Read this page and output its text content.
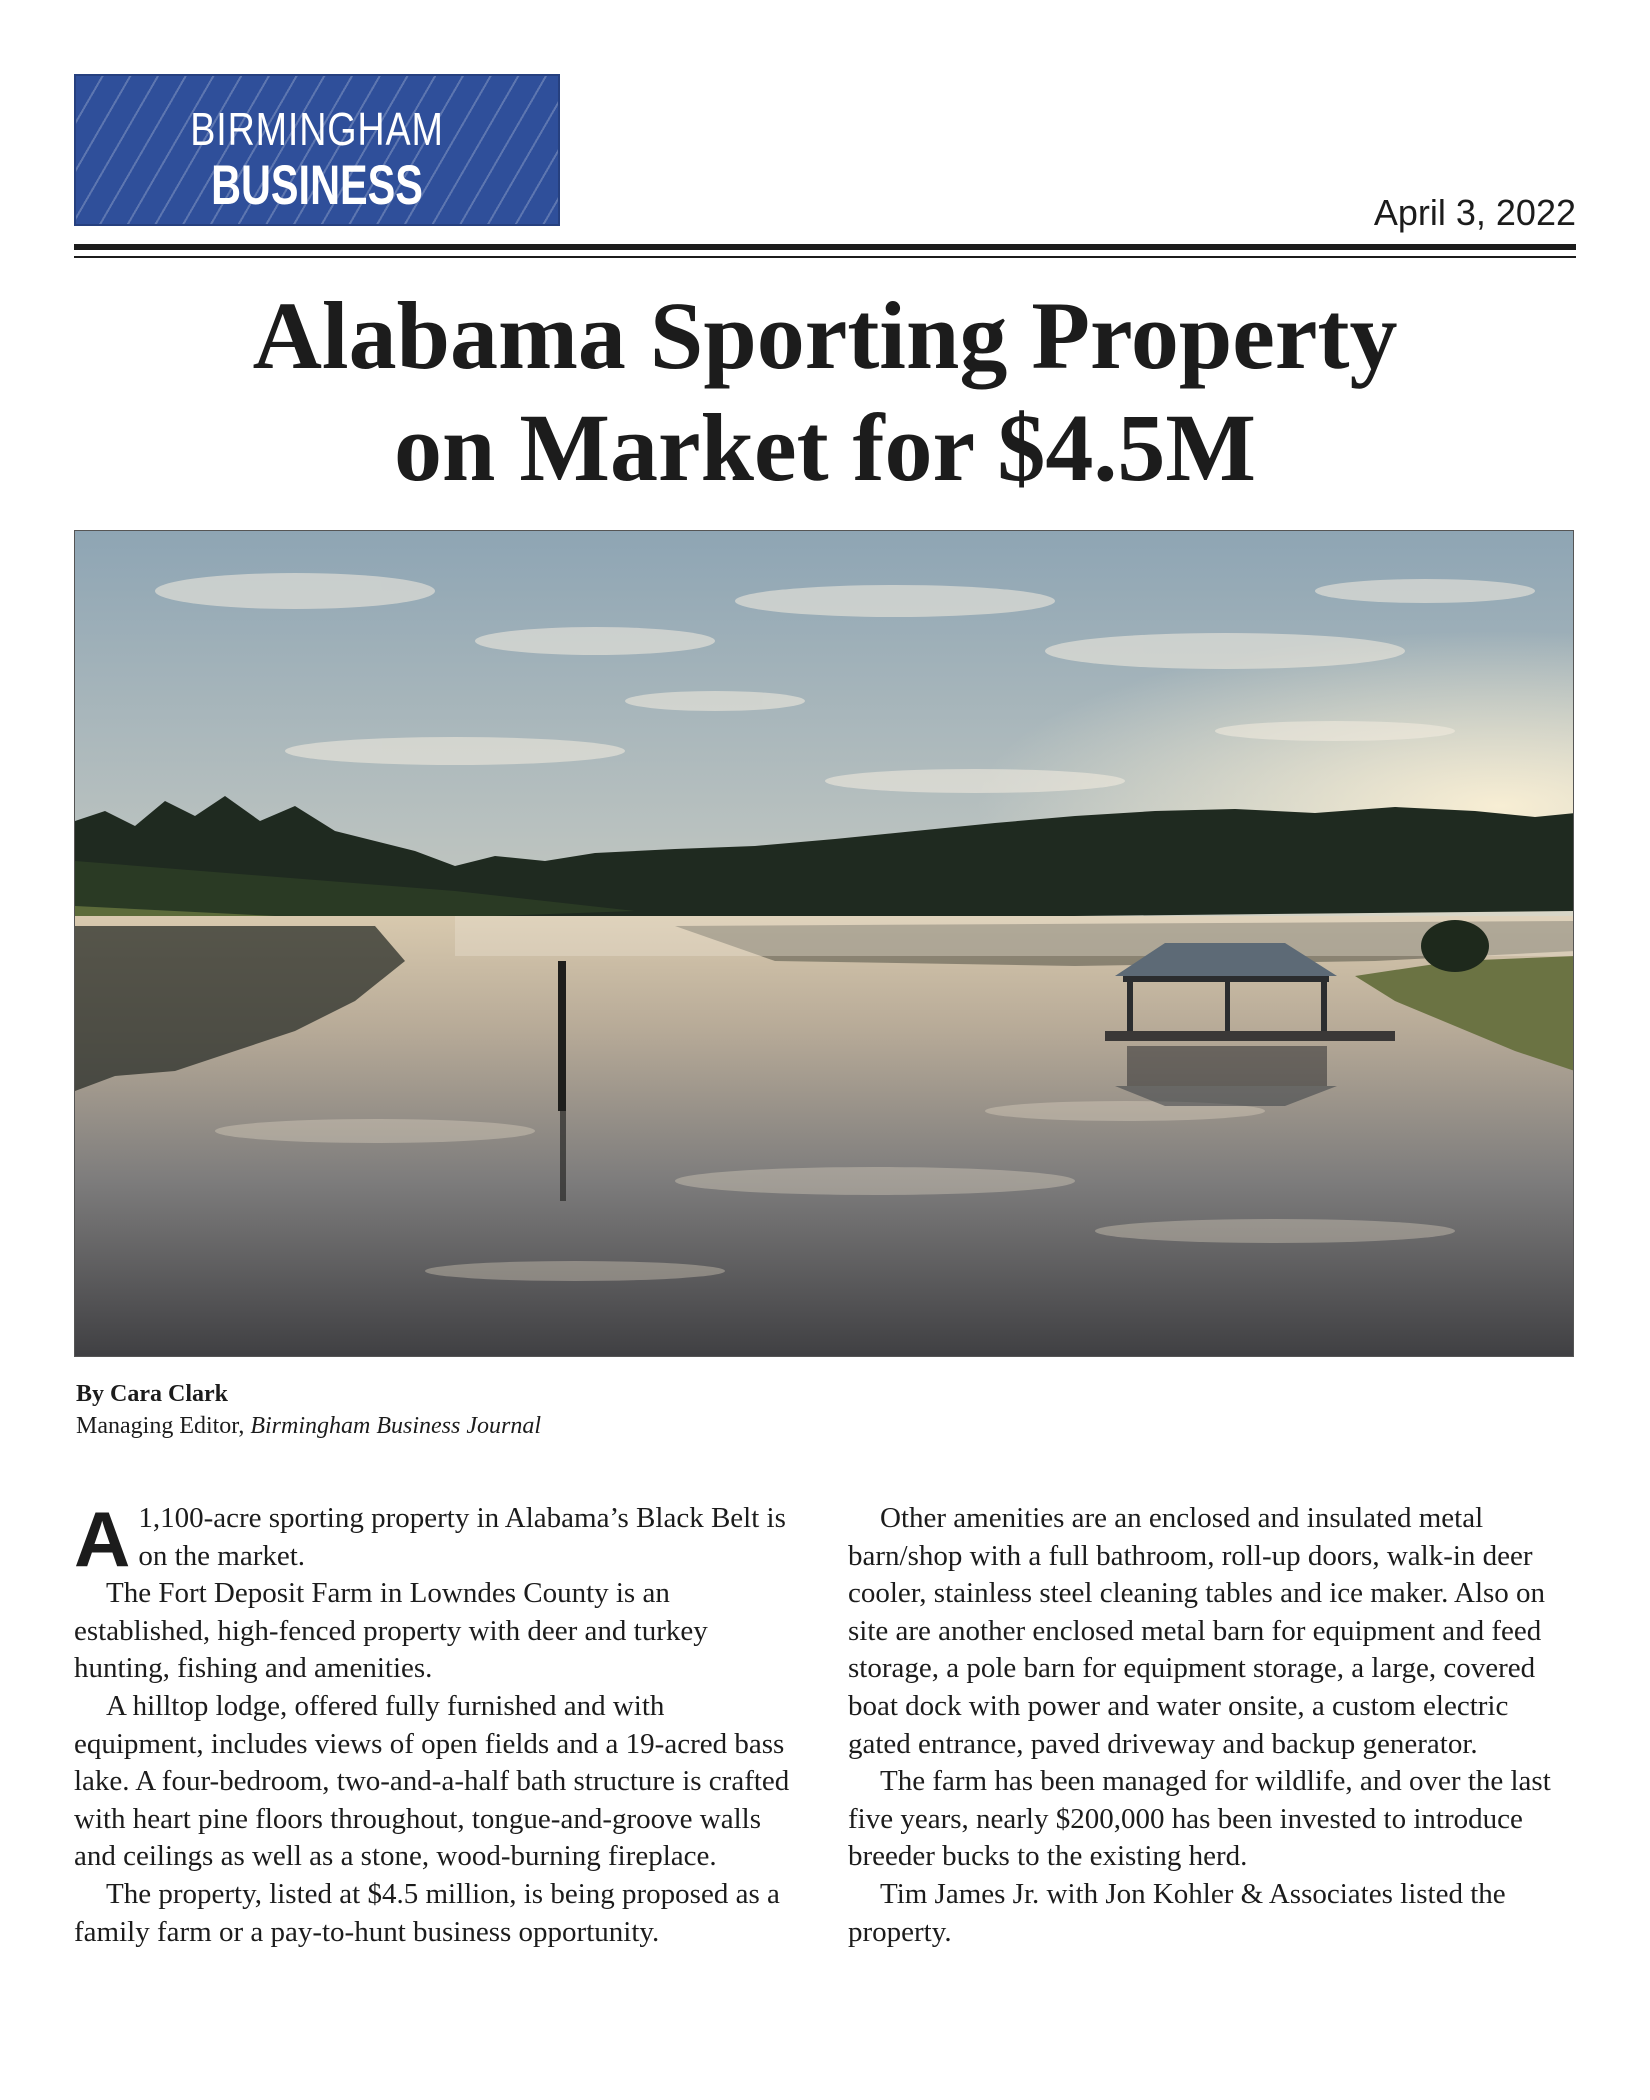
BIRMINGHAM
BUSINESS	April 3, 2022
Alabama Sporting Property
on Market for $4.5M
By Cara Clark
Managing Editor, Birmingham Business Journal

A 1,100-acre sporting property in Alabama’s Black Belt is on the market.

The Fort Deposit Farm in Lowndes County is an established, high-fenced property with deer and turkey hunting, fishing and amenities.

A hilltop lodge, offered fully furnished and with equipment, includes views of open fields and a 19-acred bass lake. A four-bedroom, two-and-a-half bath structure is crafted with heart pine floors throughout, tongue-and-groove walls and ceilings as well as a stone, wood-burning fireplace.

The property, listed at $4.5 million, is being proposed as a family farm or a pay-to-hunt business opportunity.

Other amenities are an enclosed and insulated metal barn/shop with a full bathroom, roll-up doors, walk-in deer cooler, stainless steel cleaning tables and ice maker. Also on site are another enclosed metal barn for equipment and feed storage, a pole barn for equipment storage, a large, covered boat dock with power and water onsite, a custom electric gated entrance, paved driveway and backup generator.

The farm has been managed for wildlife, and over the last five years, nearly $200,000 has been invested to introduce breeder bucks to the existing herd.

Tim James Jr. with Jon Kohler & Associates listed the property.
